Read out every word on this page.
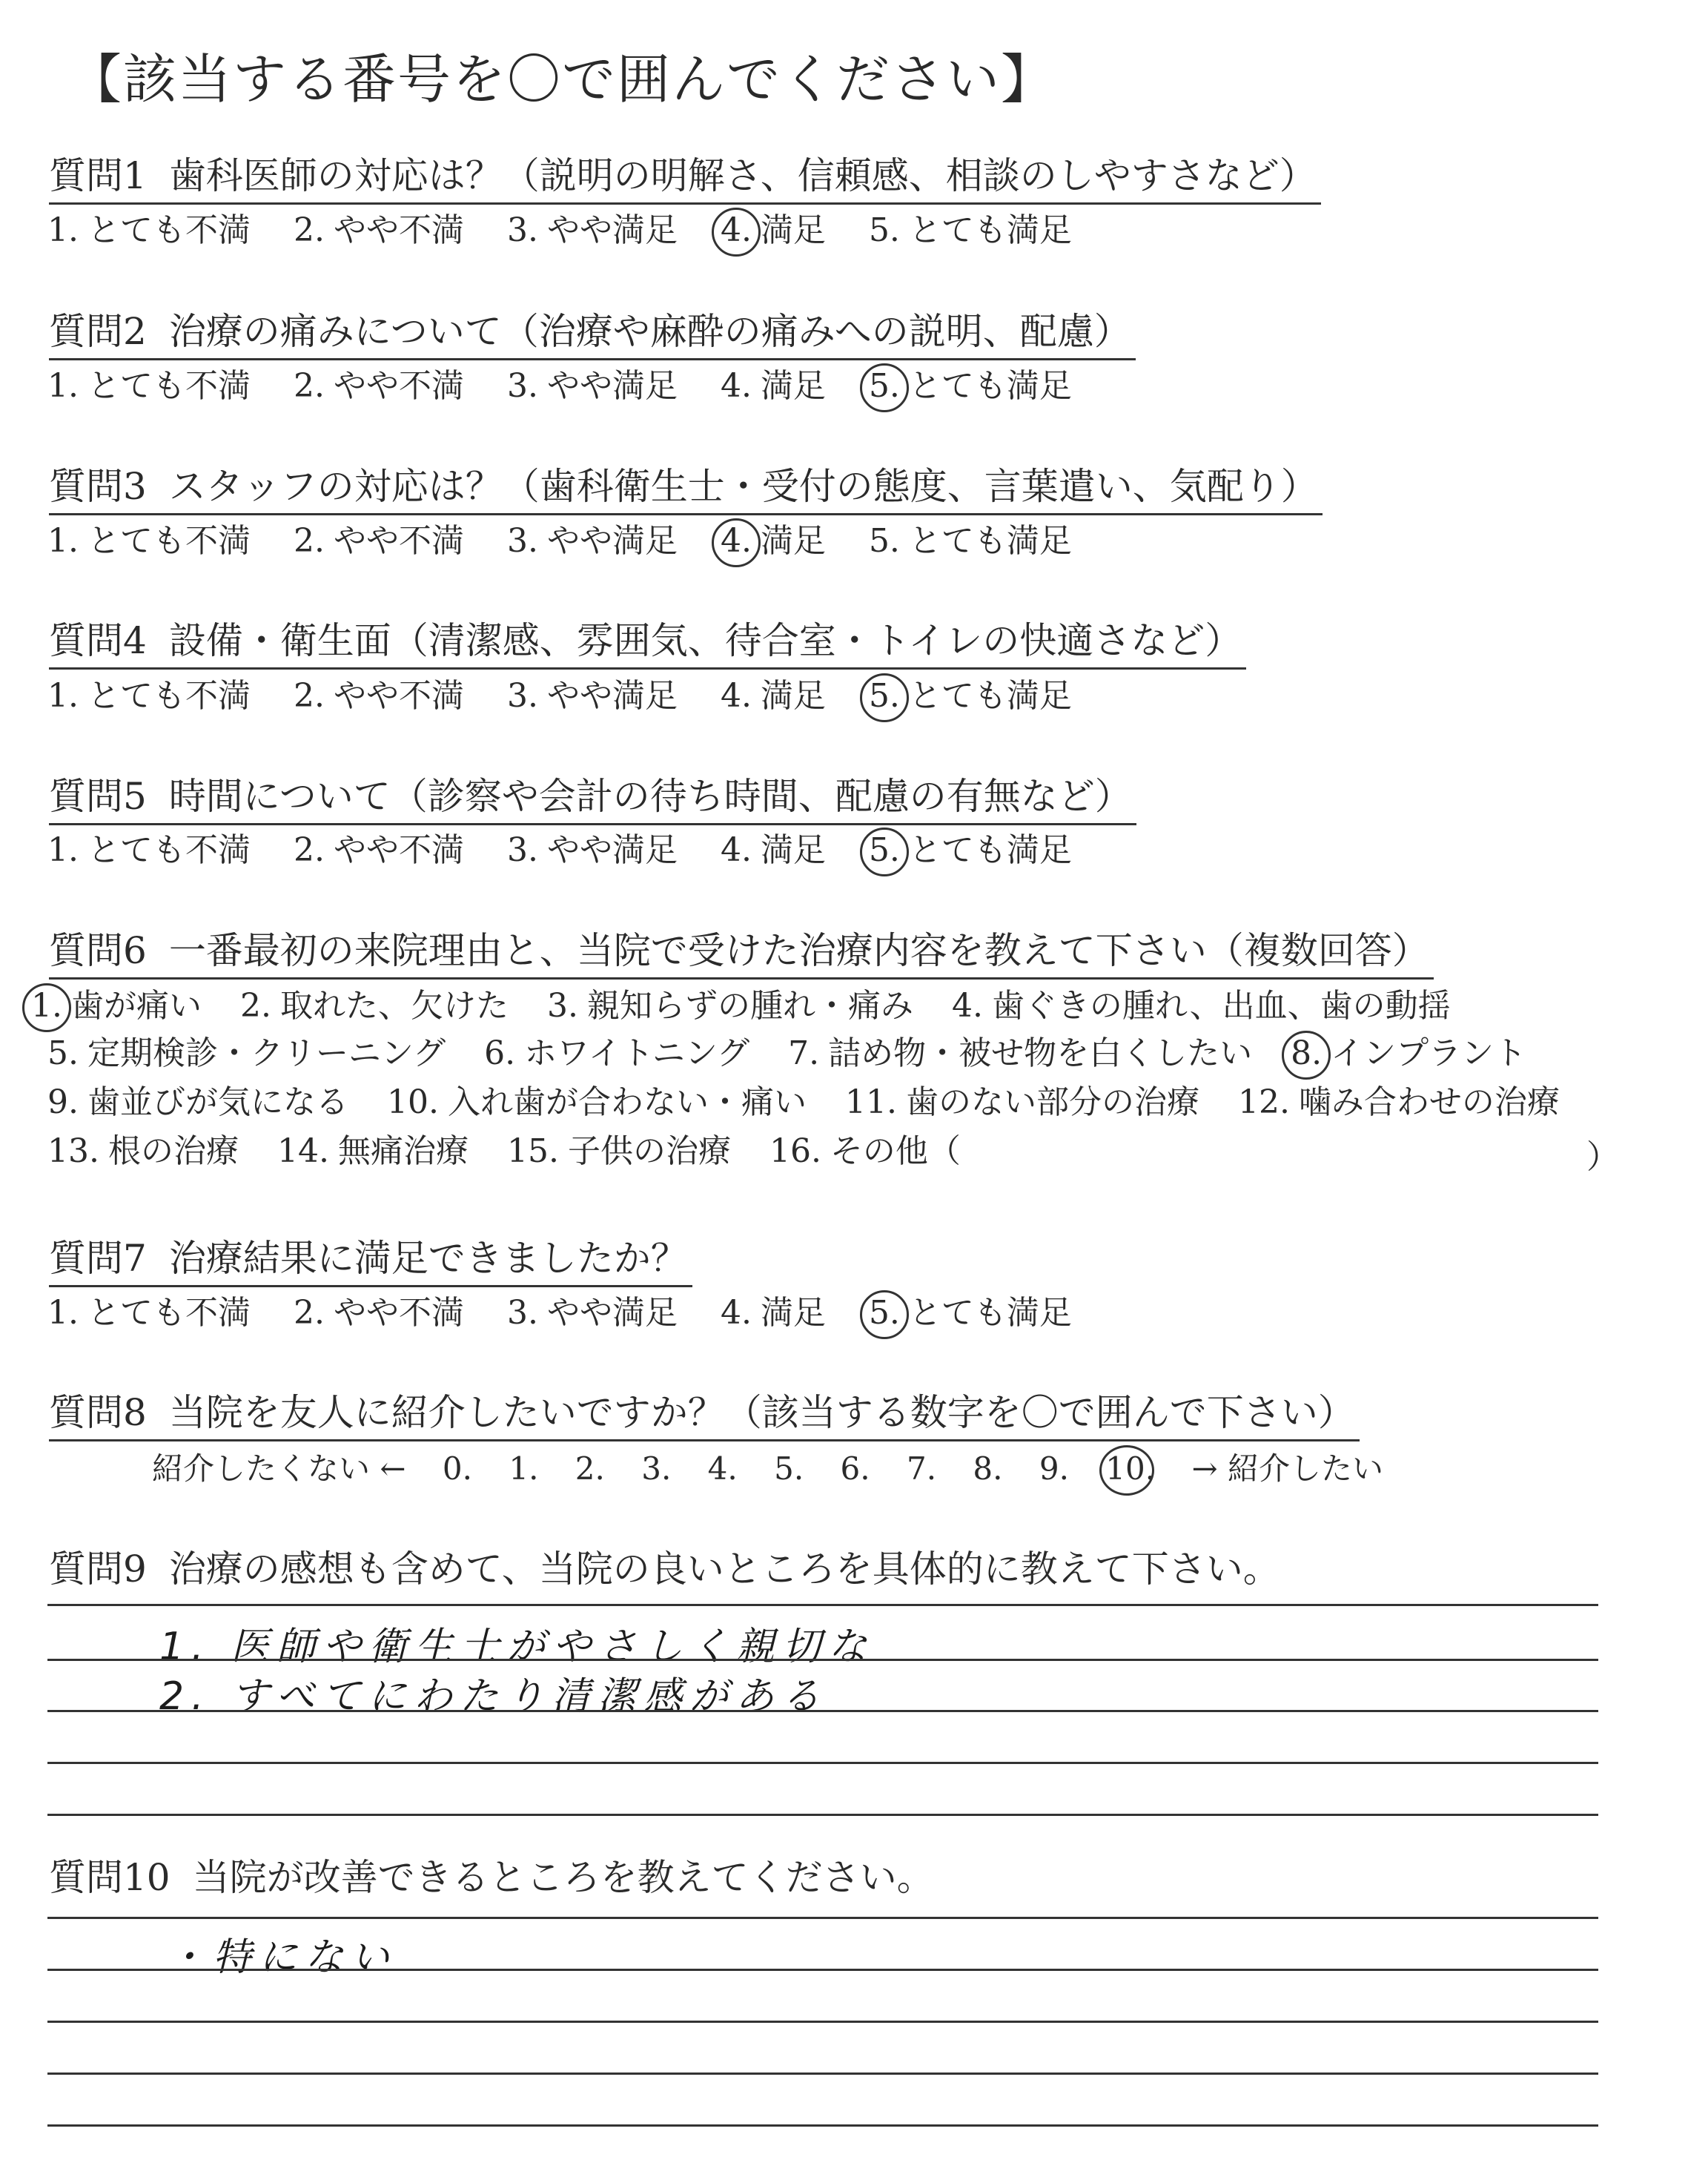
【該当する番号を〇で囲んでください】
質問1 歯科医師の対応は？（説明の明解さ、信頼感、相談のしやすさなど）
1. とても不満 2. やや不満 3. やや満足 4. 満足 5. とても満足
質問2 治療の痛みについて（治療や麻酔の痛みへの説明、配慮）
1. とても不満 2. やや不満 3. やや満足 4. 満足 5. とても満足
質問3 スタッフの対応は？（歯科衛生士・受付の態度、言葉遣い、気配り）
1. とても不満 2. やや不満 3. やや満足 4. 満足 5. とても満足
質問4 設備・衛生面（清潔感、雰囲気、待合室・トイレの快適さなど）
1. とても不満 2. やや不満 3. やや満足 4. 満足 5. とても満足
質問5 時間について（診察や会計の待ち時間、配慮の有無など）
1. とても不満 2. やや不満 3. やや満足 4. 満足 5. とても満足
質問6 一番最初の来院理由と、当院で受けた治療内容を教えて下さい（複数回答）
1. 歯が痛い 2. 取れた、欠けた 3. 親知らずの腫れ・痛み 4. 歯ぐきの腫れ、出血、歯の動揺
5. 定期検診・クリーニング 6. ホワイトニング 7. 詰め物・被せ物を白くしたい 8. インプラント
9. 歯並びが気になる 10. 入れ歯が合わない・痛い 11. 歯のない部分の治療 12. 噛み合わせの治療
13. 根の治療 14. 無痛治療 15. 子供の治療 16. その他（	）
質問7 治療結果に満足できましたか？
1. とても不満 2. やや不満 3. やや満足 4. 満足 5. とても満足
質問8 当院を友人に紹介したいですか？（該当する数字を〇で囲んで下さい）
紹介したくない ← 0. 1. 2. 3. 4. 5. 6. 7. 8. 9. 10. → 紹介したい
質問9 治療の感想も含めて、当院の良いところを具体的に教えて下さい。
1. 医師や衛生士がやさしく親切な
2. すべてにわたり清潔感がある
質問10 当院が改善できるところを教えてください。
・特にない
